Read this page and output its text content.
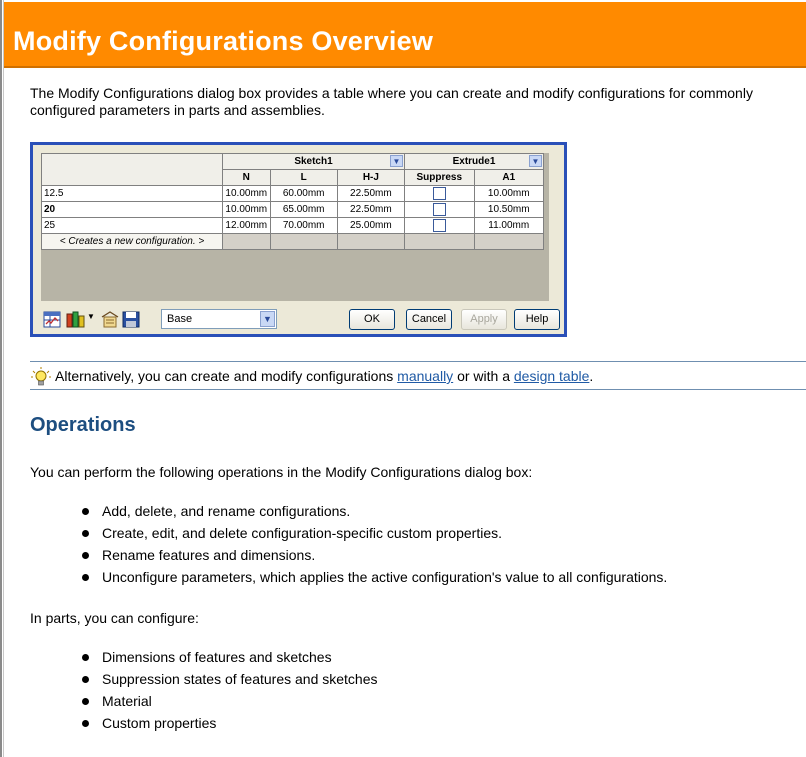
Modify Configurations Overview
The Modify Configurations dialog box provides a table where you can create and modify configurations for commonly configured parameters in parts and assemblies.
	Sketch1 ▼			Extrude1 ▼	

	N	L	H-J	Suppress	A1
12.5	10.00mm	60.00mm	22.50mm		10.00mm
20	10.00mm	65.00mm	22.50mm		10.50mm
25	12.00mm	70.00mm	25.00mm		11.00mm
< Creates a new configuration. >					
▼	Base	▼	OK	Cancel	Apply	Help
Alternatively, you can create and modify configurations manually or with a design table.
Operations
You can perform the following operations in the Modify Configurations dialog box:
Add, delete, and rename configurations.
Create, edit, and delete configuration-specific custom properties.
Rename features and dimensions.
Unconfigure parameters, which applies the active configuration's value to all configurations.
In parts, you can configure:
Dimensions of features and sketches
Suppression states of features and sketches
Material
Custom properties
